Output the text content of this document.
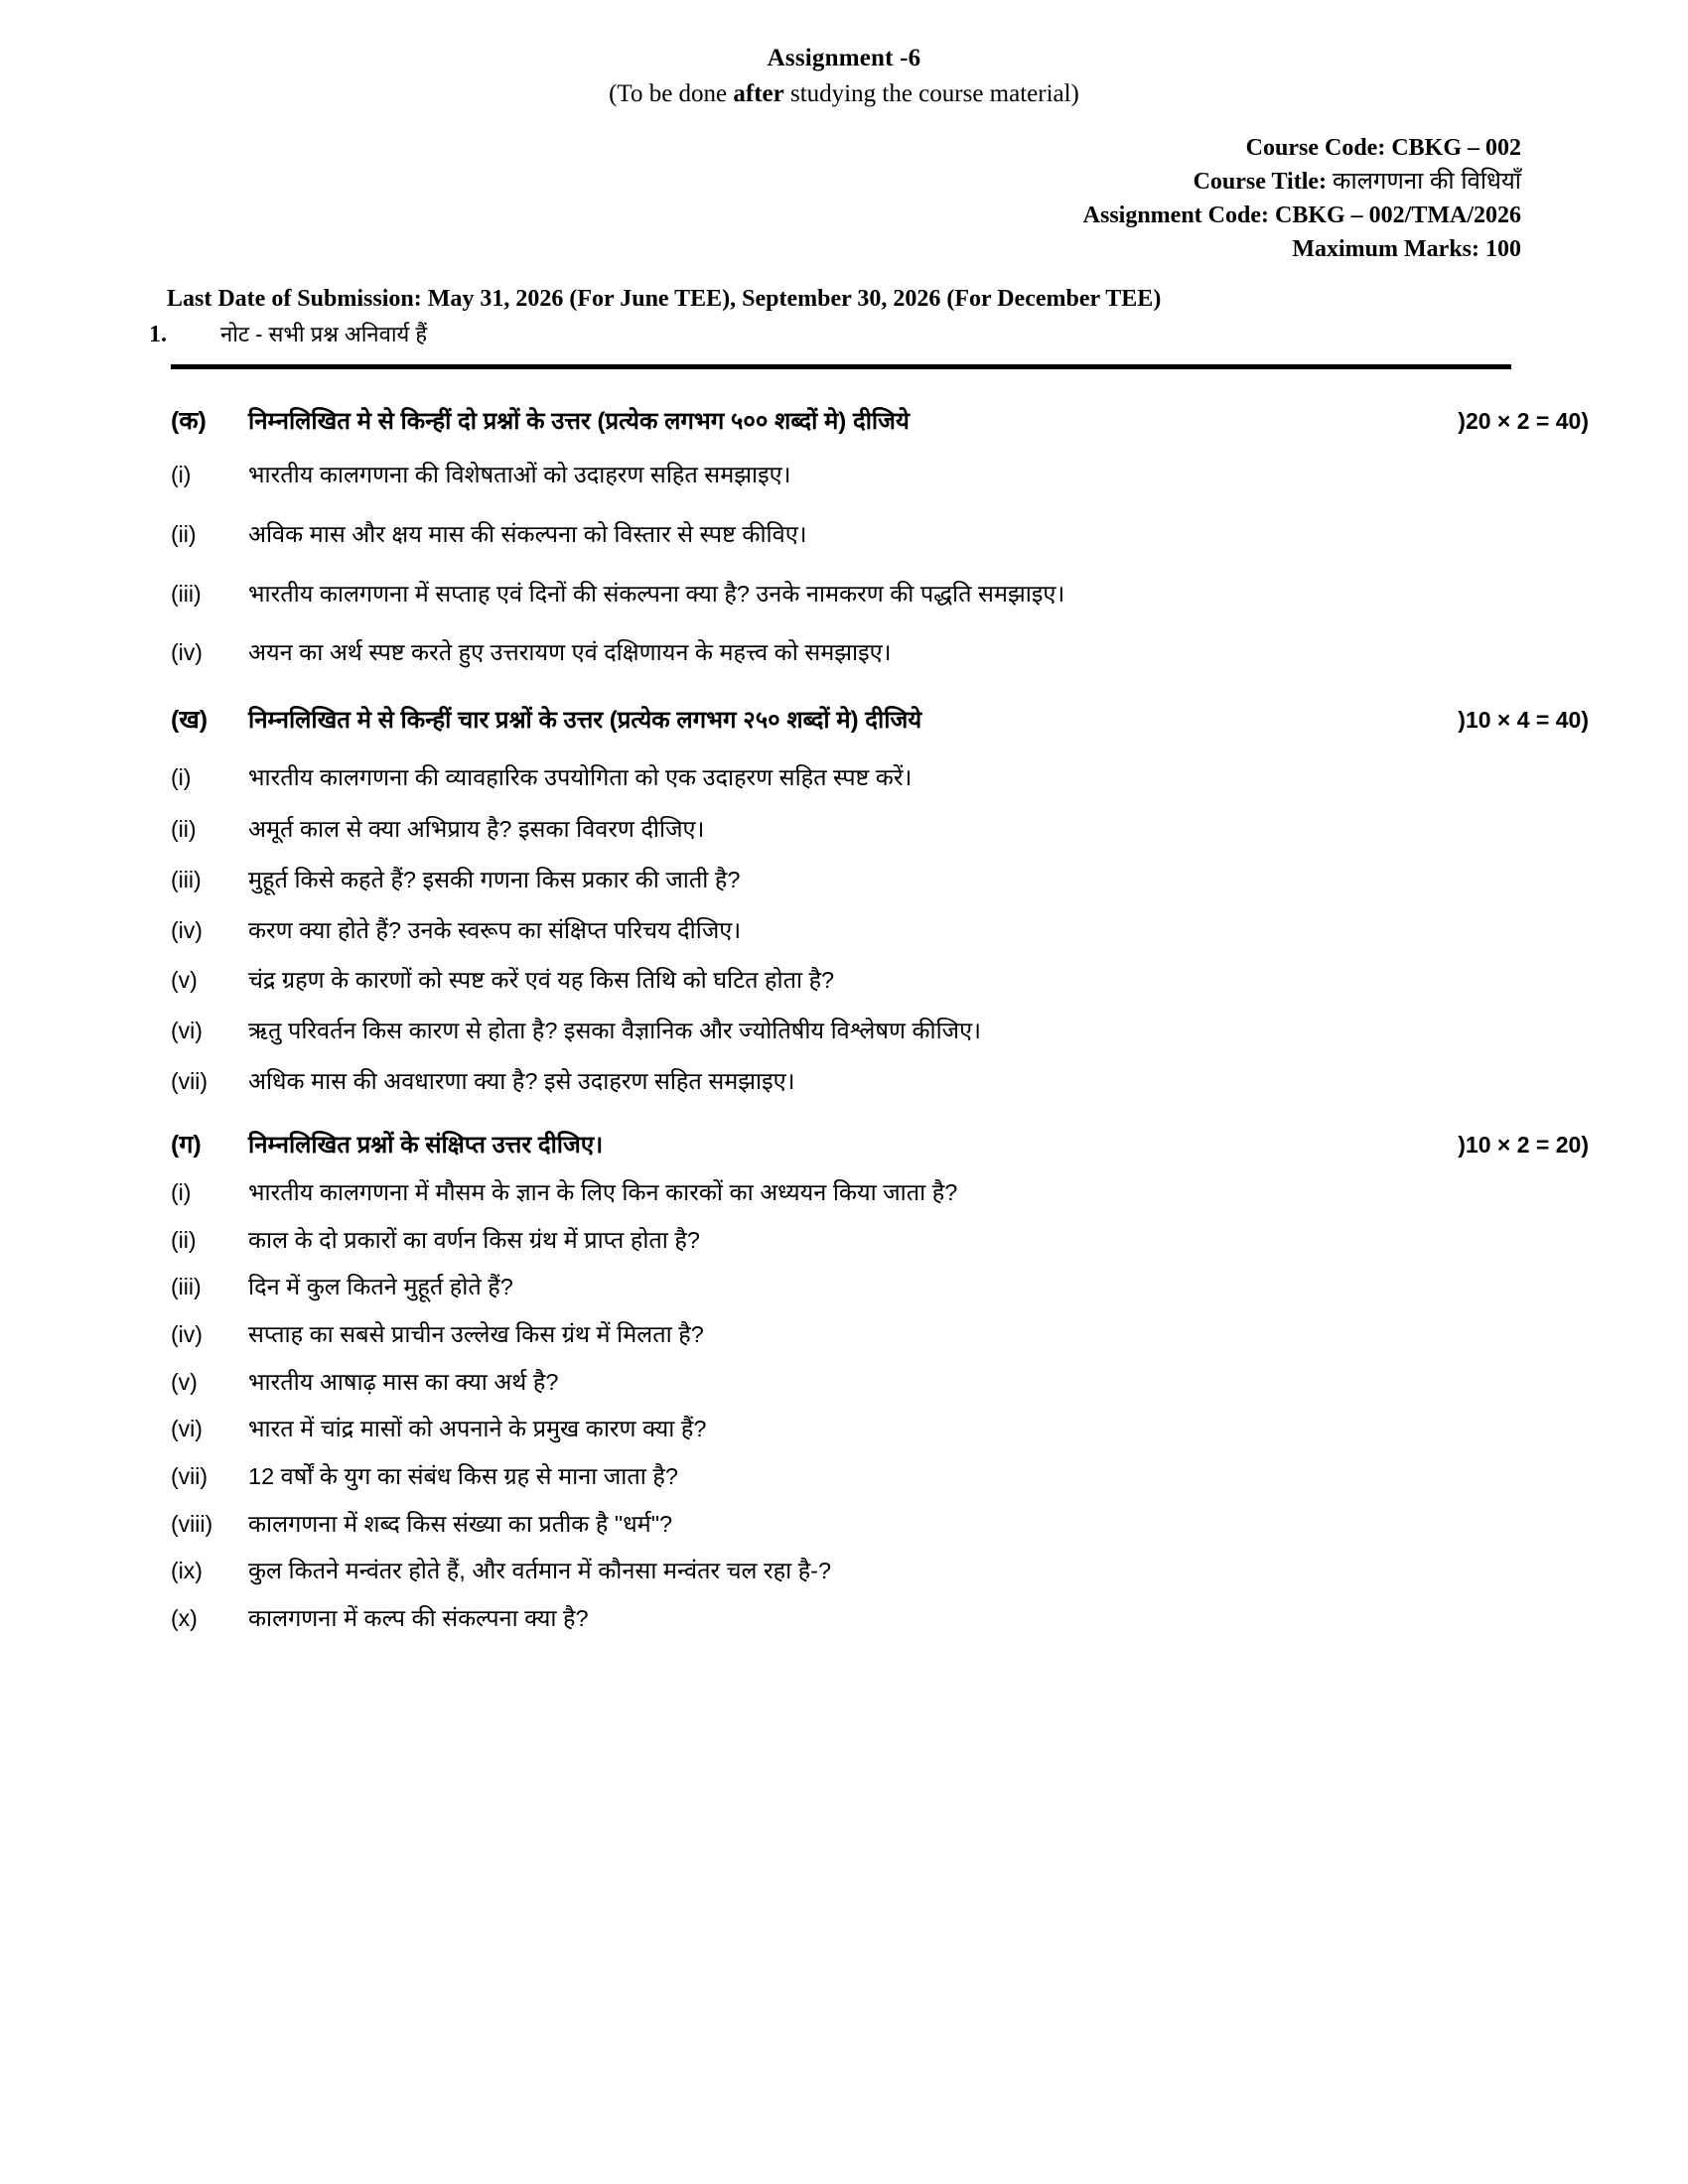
Assignment -6
(To be done after studying the course material)
Course Code: CBKG – 002
Course Title: कालगणना की विधियाँ
Assignment Code: CBKG – 002/TMA/2026
Maximum Marks: 100
Last Date of Submission: May 31, 2026 (For June TEE), September 30, 2026 (For December TEE)
1.	नोट - सभी प्रश्न अनिवार्य हैं
(क)	निम्नलिखित मे से किन्हीं दो प्रश्नों के उत्तर (प्रत्येक लगभग ५०० शब्दों मे) दीजिये	)20 × 2 = 40)
(i)	भारतीय कालगणना की विशेषताओं को उदाहरण सहित समझाइए।
(ii)	अविक मास और क्षय मास की संकल्पना को विस्तार से स्पष्ट कीविए।
(iii)	भारतीय कालगणना में सप्ताह एवं दिनों की संकल्पना क्या है? उनके नामकरण की पद्धति समझाइए।
(iv)	अयन का अर्थ स्पष्ट करते हुए उत्तरायण एवं दक्षिणायन के महत्त्व को समझाइए।
(ख)	निम्नलिखित मे से किन्हीं चार प्रश्नों के उत्तर (प्रत्येक लगभग २५० शब्दों मे) दीजिये	)10 × 4 = 40)
(i)	भारतीय कालगणना की व्यावहारिक उपयोगिता को एक उदाहरण सहित स्पष्ट करें।
(ii)	अमूर्त काल से क्या अभिप्राय है? इसका विवरण दीजिए।
(iii)	मुहूर्त किसे कहते हैं? इसकी गणना किस प्रकार की जाती है?
(iv)	करण क्या होते हैं? उनके स्वरूप का संक्षिप्त परिचय दीजिए।
(v)	चंद्र ग्रहण के कारणों को स्पष्ट करें एवं यह किस तिथि को घटित होता है?
(vi)	ऋतु परिवर्तन किस कारण से होता है? इसका वैज्ञानिक और ज्योतिषीय विश्लेषण कीजिए।
(vii)	अधिक मास की अवधारणा क्या है? इसे उदाहरण सहित समझाइए।
(ग)	निम्नलिखित प्रश्नों के संक्षिप्त उत्तर दीजिए।	)10 × 2 = 20)
(i)	भारतीय कालगणना में मौसम के ज्ञान के लिए किन कारकों का अध्ययन किया जाता है?
(ii)	काल के दो प्रकारों का वर्णन किस ग्रंथ में प्राप्त होता है?
(iii)	दिन में कुल कितने मुहूर्त होते हैं?
(iv)	सप्ताह का सबसे प्राचीन उल्लेख किस ग्रंथ में मिलता है?
(v)	भारतीय आषाढ़ मास का क्या अर्थ है?
(vi)	भारत में चांद्र मासों को अपनाने के प्रमुख कारण क्या हैं?
(vii)	12 वर्षों के युग का संबंध किस ग्रह से माना जाता है?
(viii)	कालगणना में शब्द किस संख्या का प्रतीक है "धर्म"?
(ix)	कुल कितने मन्वंतर होते हैं, और वर्तमान में कौनसा मन्वंतर चल रहा है-?
(x)	कालगणना में कल्प की संकल्पना क्या है?
